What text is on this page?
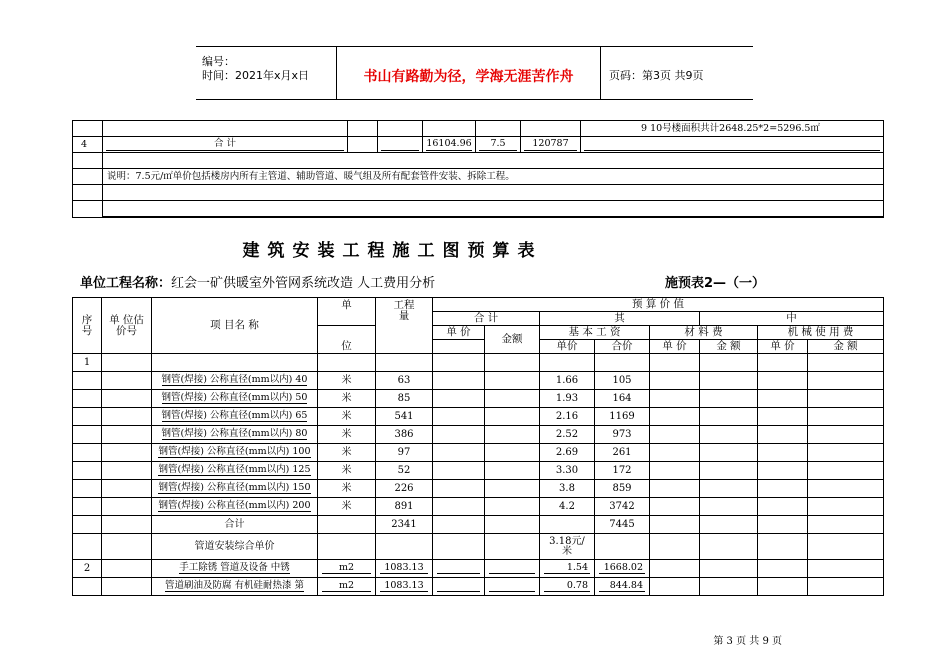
编号：
时间：2021年x月x日	书山有路勤为径，学海无涯苦作舟	页码：第3页 共9页
							9 10号楼面积共计2648.25*2=5296.5㎡
4	合 计			16104.96	7.5	120787	

	说明：7.5元/㎡单价包括楼房内所有主管道、辅助管道、暖气组及所有配套管件安装、拆除工程。						

建筑安装工程施工图预算表
单位工程名称：红会一矿供暖室外管网系统改造 人工费用分析	施预表2—（一）
序号	单 位估价号	项 目名 称	单	工程量	预 算 价 值							
					合 计		其			中		
			位		单 价	金额	基 本 工 资		材 料 费		机 械 使 用 费	
							单价	合价	单 价	金 额	单 价	金 额
1												
		钢管(焊接) 公称直径(mm以内) 40	米	63			1.66	105				
		钢管(焊接) 公称直径(mm以内) 50	米	85			1.93	164				
		钢管(焊接) 公称直径(mm以内) 65	米	541			2.16	1169				
		钢管(焊接) 公称直径(mm以内) 80	米	386			2.52	973				
		钢管(焊接) 公称直径(mm以内) 100	米	97			2.69	261				
		钢管(焊接) 公称直径(mm以内) 125	米	52			3.30	172				
		钢管(焊接) 公称直径(mm以内) 150	米	226			3.8	859				
		钢管(焊接) 公称直径(mm以内) 200	米	891			4.2	3742				
		合计		2341				7445				
		管道安装综合单价					3.18元/米					
2		手工除锈 管道及设备 中锈	m2	1083.13			1.54	1668.02				

		管道刷油及防腐 有机硅耐热漆 第	m2	1083.13			0.78	844.84				

第 3 页 共 9 页
